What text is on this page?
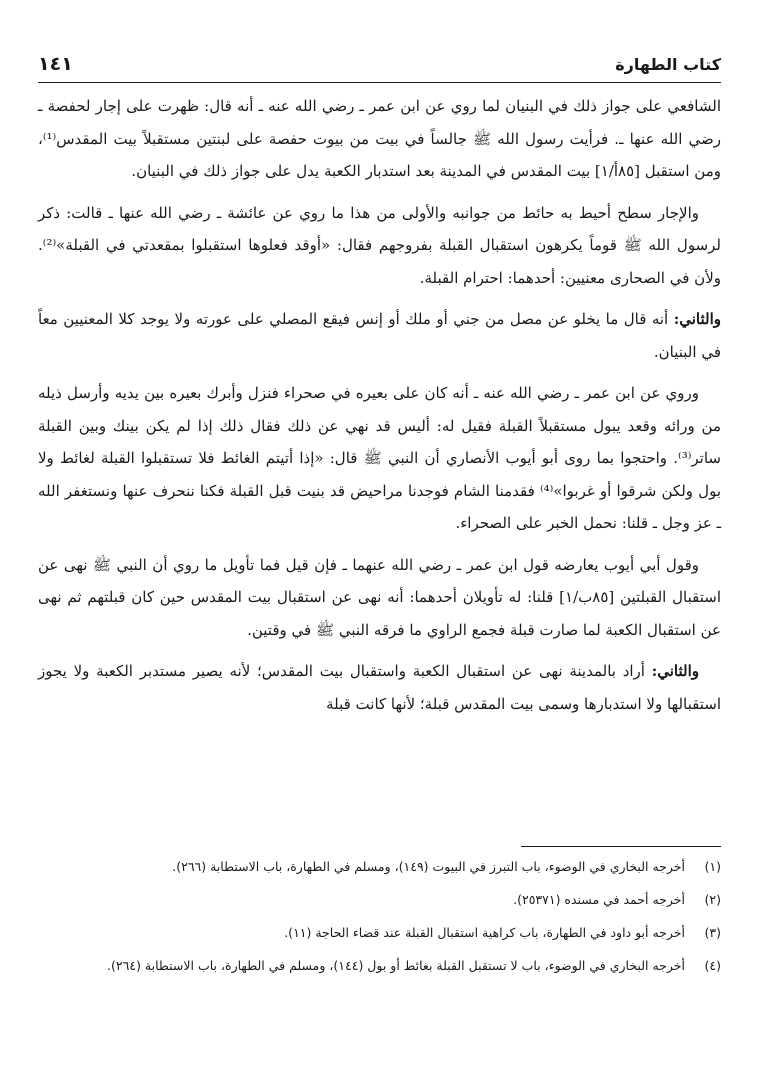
كتاب الطهارة
١٤١

الشافعي على جواز ذلك في البنيان لما روي عن ابن عمر ـ رضي الله عنه ـ أنه قال: ظهرت على إجار لحفصة ـ رضي الله عنها ـ. فرأيت رسول الله ﷺ جالساً في بيت من بيوت حفصة على لبنتين مستقبلاً بيت المقدس⁽¹⁾، ومن استقبل [٨٥أ/١] بيت المقدس في المدينة بعد استدبار الكعبة يدل على جواز ذلك في البنيان.

والإجار سطح أحيط به حائط من جوانبه والأولى من هذا ما روي عن عائشة ـ رضي الله عنها ـ قالت: ذكر لرسول الله ﷺ قوماً يكرهون استقبال القبلة بفروجهم فقال: «أوقد فعلوها استقبلوا بمقعدتي في القبلة»⁽²⁾. ولأن في الصحارى معنيين: أحدهما: احترام القبلة.

والثاني: أنه قال ما يخلو عن مصل من جني أو ملك أو إنس فيقع المصلي على عورته ولا يوجد كلا المعنيين معاً في البنيان.

وروي عن ابن عمر ـ رضي الله عنه ـ أنه كان على بعيره في صحراء فنزل وأبرك بعيره بين يديه وأرسل ذيله من ورائه وقعد يبول مستقبلاً القبلة فقيل له: أليس قد نهي عن ذلك فقال ذلك إذا لم يكن بينك وبين القبلة ساتر⁽³⁾. واحتجوا بما روى أبو أيوب الأنصاري أن النبي ﷺ قال: «إذا أتيتم الغائط فلا تستقبلوا القبلة لغائط ولا بول ولكن شرقوا أو غربوا»⁽⁴⁾ فقدمنا الشام فوجدنا مراحيض قد بنيت قبل القبلة فكنا ننحرف عنها ونستغفر الله ـ عز وجل ـ قلنا: نحمل الخبر على الصحراء.

وقول أبي أيوب يعارضه قول ابن عمر ـ رضي الله عنهما ـ فإن قيل فما تأويل ما روي أن النبي ﷺ نهى عن استقبال القبلتين [٨٥ب/١] قلنا: له تأويلان أحدهما: أنه نهى عن استقبال بيت المقدس حين كان قبلتهم ثم نهى عن استقبال الكعبة لما صارت قبلة فجمع الراوي ما فرقه النبي ﷺ في وقتين.

والثاني: أراد بالمدينة نهى عن استقبال الكعبة واستقبال بيت المقدس؛ لأنه يصير مستدبر الكعبة ولا يجوز استقبالها ولا استدبارها وسمى بيت المقدس قبلة؛ لأنها كانت قبلة

(١)
أخرجه البخاري في الوضوء، باب التبرز في البيوت (١٤٩)، ومسلم في الطهارة، باب الاستطابة (٢٦٦).
(٢)
أخرجه أحمد في مسنده (٢٥٣٧١).
(٣)
أخرجه أبو داود في الطهارة، باب كراهية استقبال القبلة عند قضاء الحاجة (١١).
(٤)
أخرجه البخاري في الوضوء، باب لا تستقبل القبلة بغائط أو بول (١٤٤)، ومسلم في الطهارة، باب الاستطابة (٢٦٤).
